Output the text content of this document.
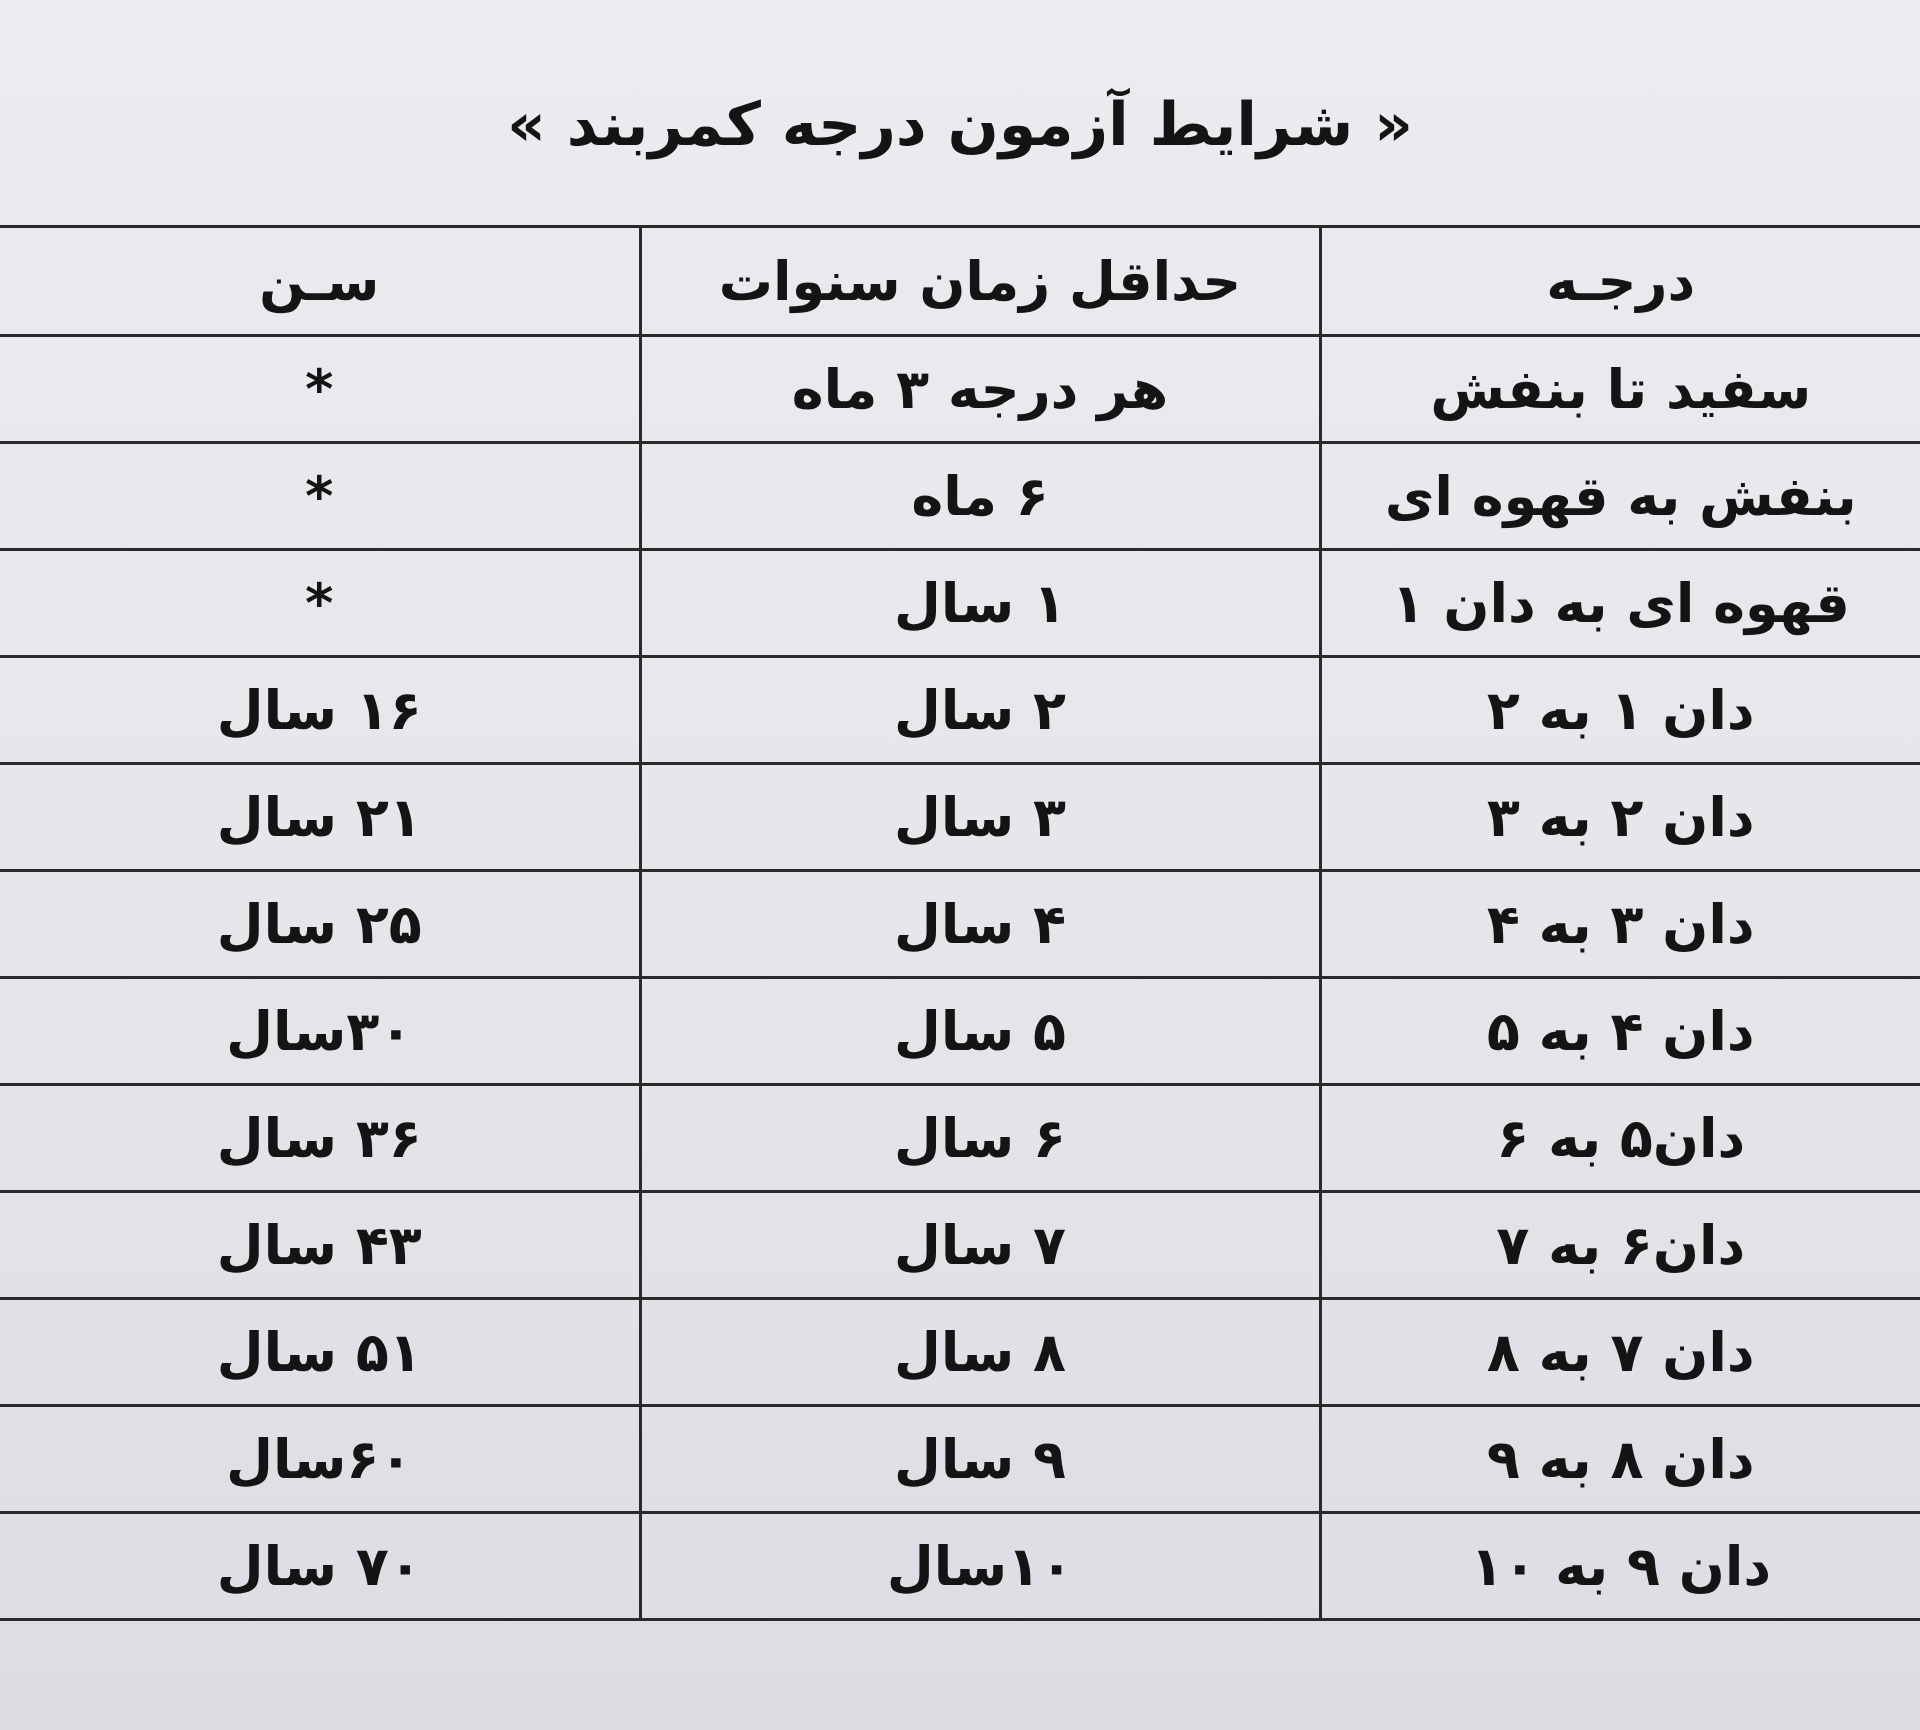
« شرایط آزمون درجه کمربند »
درجـه	حداقل زمان سنوات	سـن
سفید تا بنفش	هر درجه ۳ ماه	*
بنفش به قهوه ای	۶ ماه	*
قهوه ای به دان ۱	۱ سال	*
دان ۱ به ۲	۲ سال	۱۶ سال
دان ۲ به ۳	۳ سال	۲۱ سال
دان ۳ به ۴	۴ سال	۲۵ سال
دان ۴ به ۵	۵ سال	۳۰سال
دان۵ به ۶	۶ سال	۳۶ سال
دان۶ به ۷	۷ سال	۴۳ سال
دان ۷ به ۸	۸ سال	۵۱ سال
دان ۸ به ۹	۹ سال	۶۰سال
دان ۹ به ۱۰	۱۰سال	۷۰ سال
